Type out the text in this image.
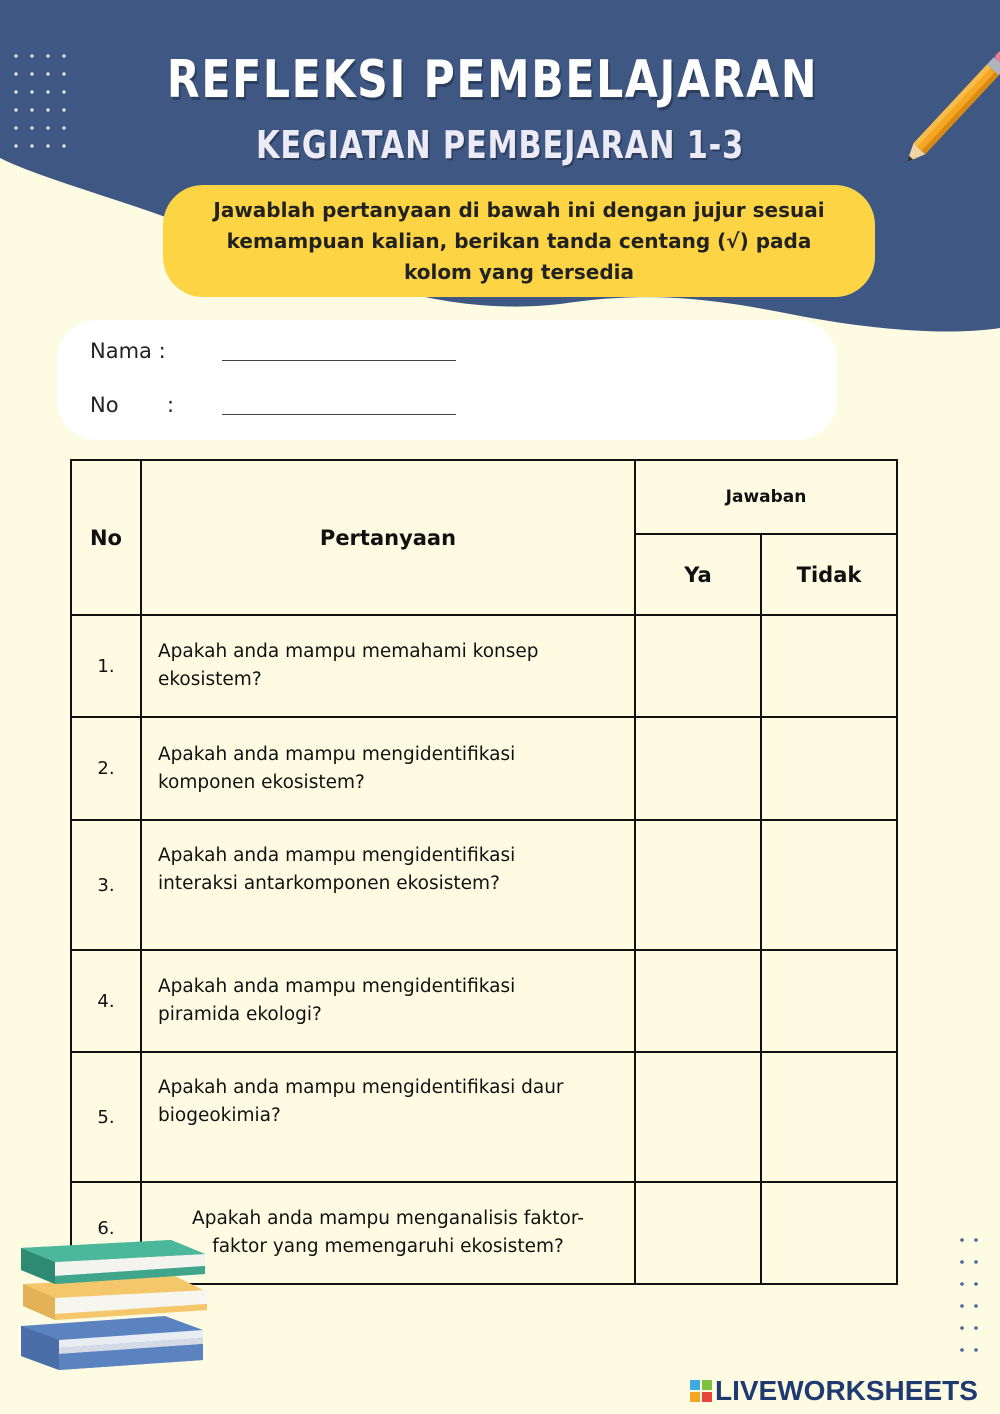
REFLEKSI PEMBELAJARAN
KEGIATAN PEMBEJARAN 1-3
Jawablah pertanyaan di bawah ini dengan jujur sesuai
kemampuan kalian, berikan tanda centang (√) pada
kolom yang tersedia
Nama :
No :
No	Pertanyaan	Jawaban	
		Ya	Tidak
1.	Apakah anda mampu memahami konsep
ekosistem?		
2.	Apakah anda mampu mengidentifikasi
komponen ekosistem?		
3.	Apakah anda mampu mengidentifikasi
interaksi antarkomponen ekosistem?		
4.	Apakah anda mampu mengidentifikasi
piramida ekologi?		
5.	Apakah anda mampu mengidentifikasi daur
biogeokimia?		
6.	Apakah anda mampu menganalisis faktor-
faktor yang memengaruhi ekosistem?		
LIVEWORKSHEETS
